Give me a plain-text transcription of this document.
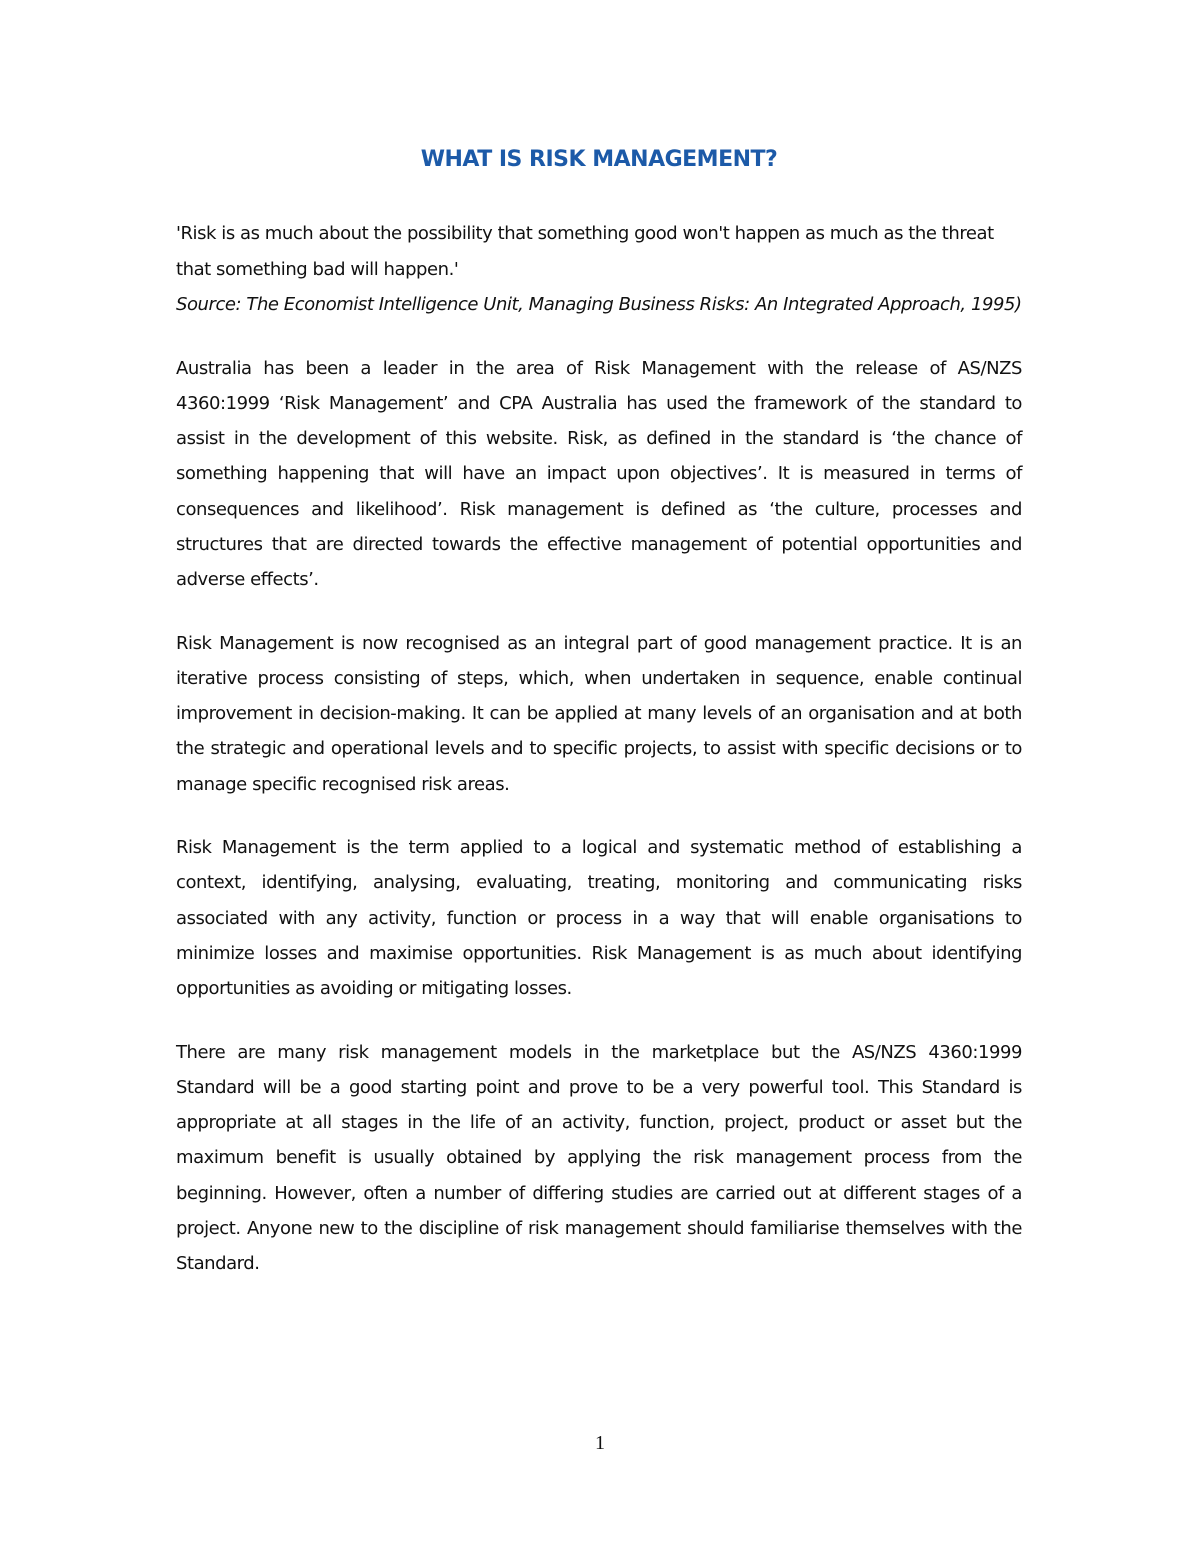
WHAT IS RISK MANAGEMENT?

'Risk is as much about the possibility that something good won't happen as much as the threat that something bad will happen.'

Source: The Economist Intelligence Unit, Managing Business Risks: An Integrated Approach, 1995)

Australia has been a leader in the area of Risk Management with the release of AS/NZS 4360:1999 ‘Risk Management’ and CPA Australia has used the framework of the standard to assist in the development of this website. Risk, as defined in the standard is ‘the chance of something happening that will have an impact upon objectives’. It is measured in terms of consequences and likelihood’. Risk management is defined as ‘the culture, processes and structures that are directed towards the effective management of potential opportunities and adverse effects’.

Risk Management is now recognised as an integral part of good management practice. It is an iterative process consisting of steps, which, when undertaken in sequence, enable continual improvement in decision-making. It can be applied at many levels of an organisation and at both the strategic and operational levels and to specific projects, to assist with specific decisions or to manage specific recognised risk areas.

Risk Management is the term applied to a logical and systematic method of establishing a context, identifying, analysing, evaluating, treating, monitoring and communicating risks associated with any activity, function or process in a way that will enable organisations to minimize losses and maximise opportunities. Risk Management is as much about identifying opportunities as avoiding or mitigating losses.

There are many risk management models in the marketplace but the AS/NZS 4360:1999 Standard will be a good starting point and prove to be a very powerful tool. This Standard is appropriate at all stages in the life of an activity, function, project, product or asset but the maximum benefit is usually obtained by applying the risk management process from the beginning. However, often a number of differing studies are carried out at different stages of a project. Anyone new to the discipline of risk management should familiarise themselves with the Standard.

1
